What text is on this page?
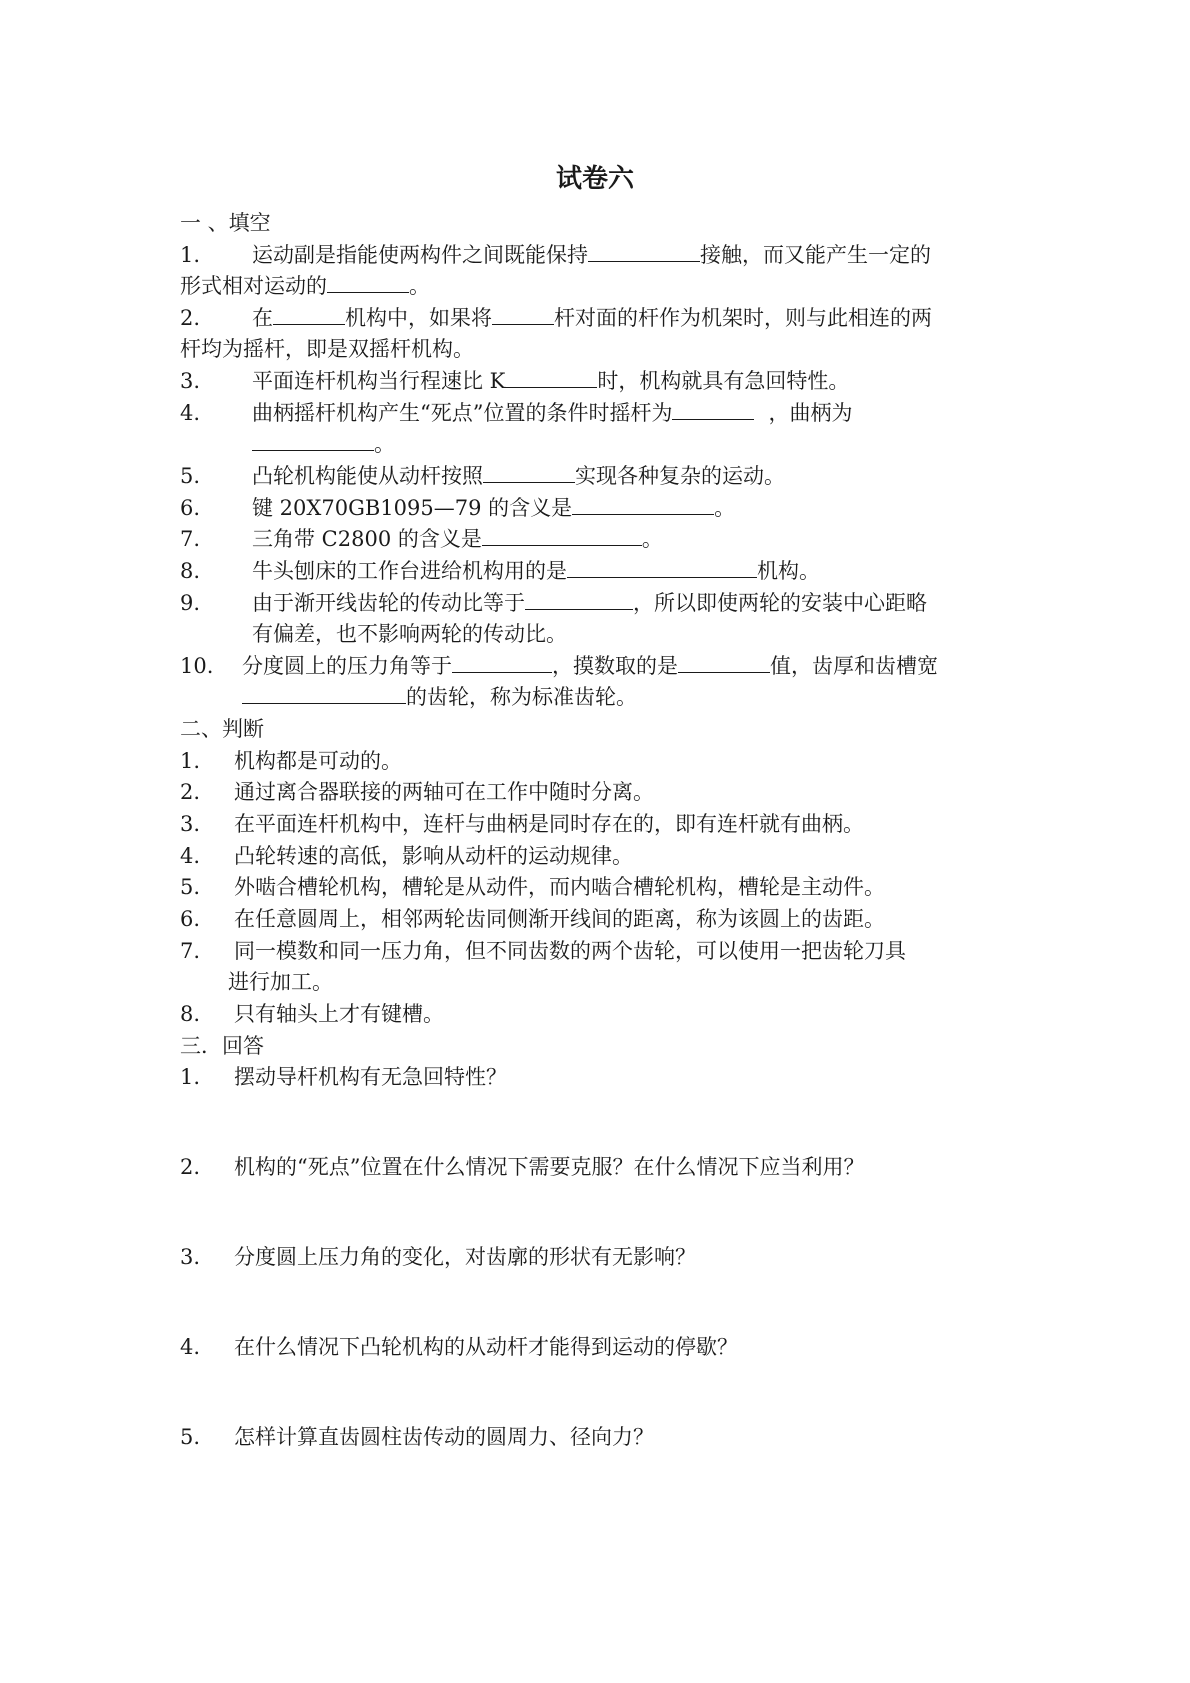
试卷六
一 、填空
1. 运动副是指能使两构件之间既能保持	接触，而又能产生一定的
形式相对运动的	。
2. 在	机构中，如果将	杆对面的杆作为机架时，则与此相连的两
杆均为摇杆，即是双摇杆机构。
3. 平面连杆机构当行程速比 K	时，机构就具有急回特性。
4. 曲柄摇杆机构产生“死点”位置的条件时摇杆为	，曲柄为
。
5. 凸轮机构能使从动杆按照	实现各种复杂的运动。
6. 键 20X70GB1095—79 的含义是	。
7. 三角带 C2800 的含义是	。
8. 牛头刨床的工作台进给机构用的是	机构。
9. 由于渐开线齿轮的传动比等于	，所以即使两轮的安装中心距略
有偏差，也不影响两轮的传动比。
10. 分度圆上的压力角等于	，摸数取的是	值，齿厚和齿槽宽
的齿轮，称为标准齿轮。
二、判断
1. 机构都是可动的。
2. 通过离合器联接的两轴可在工作中随时分离。
3. 在平面连杆机构中，连杆与曲柄是同时存在的，即有连杆就有曲柄。
4. 凸轮转速的高低，影响从动杆的运动规律。
5. 外啮合槽轮机构，槽轮是从动件，而内啮合槽轮机构，槽轮是主动件。
6. 在任意圆周上，相邻两轮齿同侧渐开线间的距离，称为该圆上的齿距。
7. 同一模数和同一压力角，但不同齿数的两个齿轮，可以使用一把齿轮刀具
进行加工。
8. 只有轴头上才有键槽。
三．回答
1. 摆动导杆机构有无急回特性？
2. 机构的“死点”位置在什么情况下需要克服？在什么情况下应当利用？
3. 分度圆上压力角的变化，对齿廓的形状有无影响？
4. 在什么情况下凸轮机构的从动杆才能得到运动的停歇？
5. 怎样计算直齿圆柱齿传动的圆周力、径向力？
